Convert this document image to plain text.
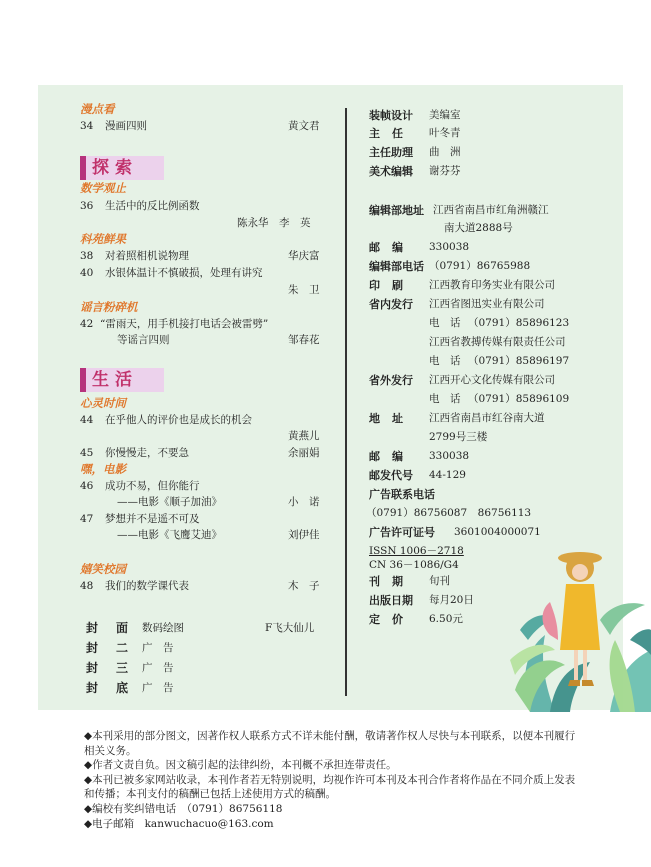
漫点看
34 漫画四则	黄文君
探索
数学观止
36 生活中的反比例函数
陈永华　李　英
科苑鲜果
38 对着照相机说物理	华庆富
40 水银体温计不慎破损，处理有讲究
朱　卫
谣言粉碎机
42 “雷雨天，用手机接打电话会被雷劈”
等谣言四则	邹春花
生活
心灵时间
44 在乎他人的评价也是成长的机会
黄燕儿
45 你慢慢走，不要急	余丽娟
嘿，电影
46 成功不易，但你能行
——电影《顺子加油》	小　诺
47 梦想并不是遥不可及
——电影《飞鹰艾迪》	刘伊佳
嬉笑校园
48 我们的数学课代表	木　子
封　面 数码绘图	F飞大仙儿
封　二 广　告
封　三 广　告
封　底 广　告
装帧设计 美编室
主任 叶冬青
主任助理 曲　洲
美术编辑 谢芬芬
编辑部地址 江西省南昌市红角洲赣江
南大道2888号
邮编 330038
编辑部电话 （0791）86765988
印刷 江西教育印务实业有限公司
省内发行 江西省图迅实业有限公司
电　话 （0791）85896123
江西省教搏传媒有限责任公司
电　话 （0791）85896197
省外发行 江西开心文化传媒有限公司
电　话 （0791）85896109
地址 江西省南昌市红谷南大道
2799号三楼
邮编 330038
邮发代号 44-129
广告联系电话
（0791）86756087　86756113
广告许可证号 3601004000071
ISSN 1006－2718
CN 36－1086/G4
刊期 旬刊
出版日期 每月20日
定价 6.50元

◆本刊采用的部分图文，因著作权人联系方式不详未能付酬，敬请著作权人尽快与本刊联系，以便本刊履行相关义务。

◆作者文责自负。因文稿引起的法律纠纷，本刊概不承担连带责任。

◆本刊已被多家网站收录，本刊作者若无特别说明，均视作许可本刊及本刊合作者将作品在不同介质上发表和传播；本刊支付的稿酬已包括上述使用方式的稿酬。

◆编校有奖纠错电话　（0791）86756118

◆电子邮箱　kanwuchacuo@163.com
